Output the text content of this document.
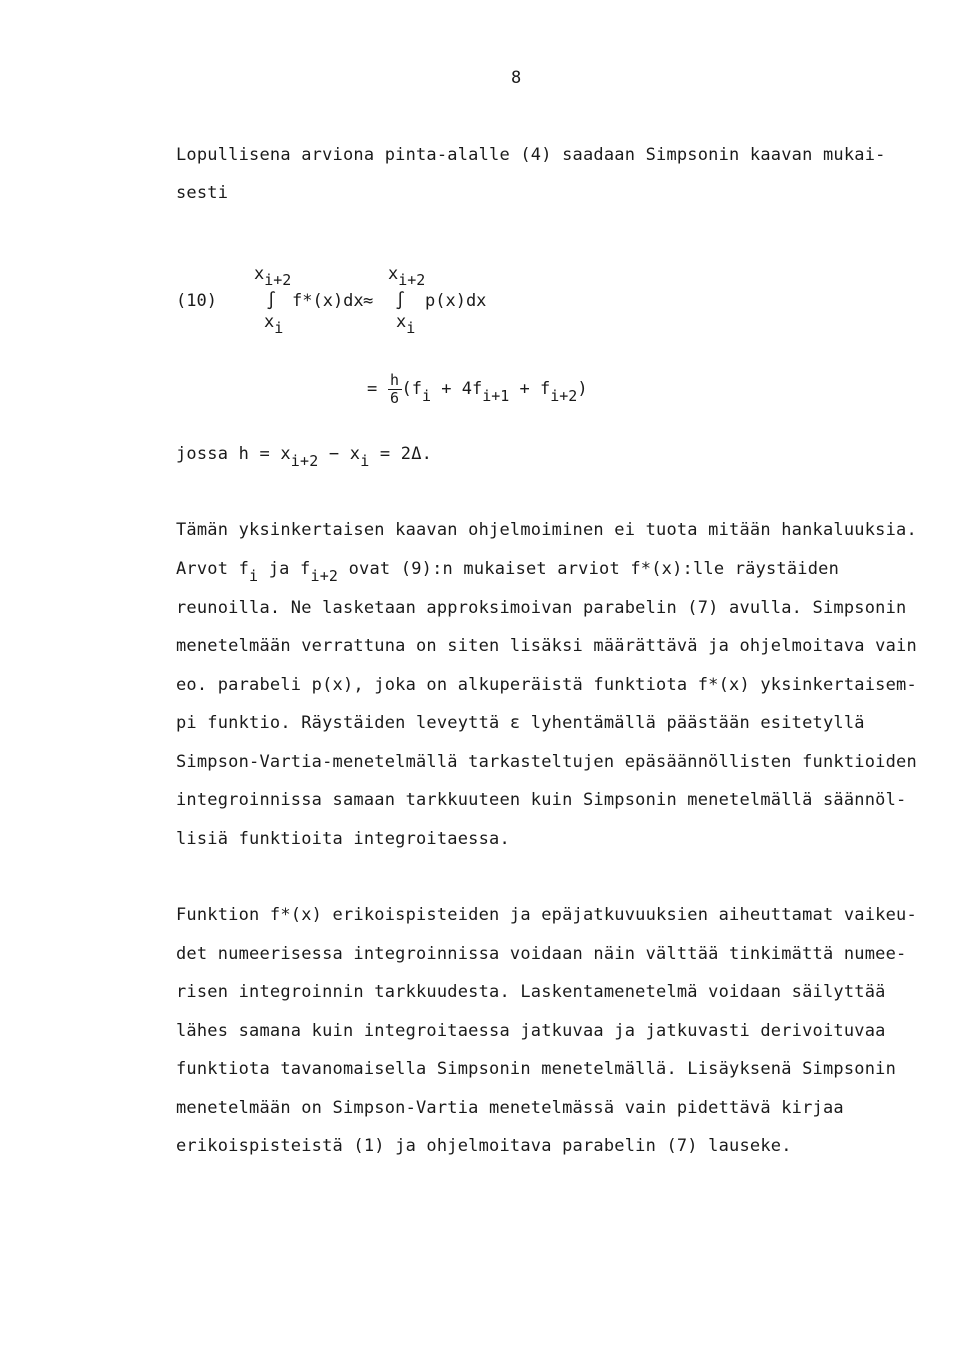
8
Lopullisena arviona pinta-alalle (4) saadaan Simpsonin kaavan mukai-
sesti
xi+2	xi+2
(10)	∫ f*(x)dx ≈ ∫ p(x)dx
xi	xi
= $\frac{h}{6} (fi + 4fi+1 + fi+2)$
jossa h = xi+2 − xi = 2Δ.
Tämän yksinkertaisen kaavan ohjelmoiminen ei tuota mitään hankaluuksia.
Arvot fi ja fi+2 ovat (9):n mukaiset arviot f*(x):lle räystäiden
reunoilla. Ne lasketaan approksimoivan parabelin (7) avulla. Simpsonin
menetelmään verrattuna on siten lisäksi määrättävä ja ohjelmoitava vain
eo. parabeli p(x), joka on alkuperäistä funktiota f*(x) yksinkertaisem-
pi funktio. Räystäiden leveyttä ε lyhentämällä päästään esitetyllä
Simpson-Vartia-menetelmällä tarkasteltujen epäsäännöllisten funktioiden
integroinnissa samaan tarkkuuteen kuin Simpsonin menetelmällä säännöl-
lisiä funktioita integroitaessa.
Funktion f*(x) erikoispisteiden ja epäjatkuvuuksien aiheuttamat vaikeu-
det numeerisessa integroinnissa voidaan näin välttää tinkimättä numee-
risen integroinnin tarkkuudesta. Laskentamenetelmä voidaan säilyttää
lähes samana kuin integroitaessa jatkuvaa ja jatkuvasti derivoituvaa
funktiota tavanomaisella Simpsonin menetelmällä. Lisäyksenä Simpsonin
menetelmään on Simpson-Vartia menetelmässä vain pidettävä kirjaa
erikoispisteistä (1) ja ohjelmoitava parabelin (7) lauseke.
